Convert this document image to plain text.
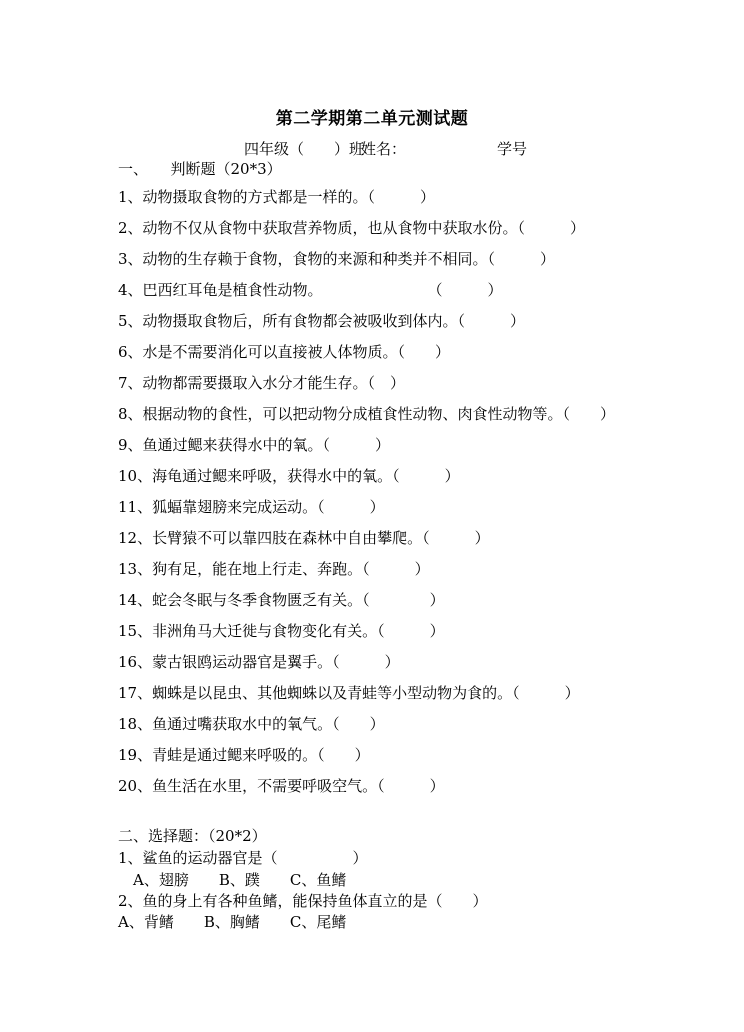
第二学期第二单元测试题
四年级（　　）班
姓名：	学号
一、　　判断题（20*3）
1、动物摄取食物的方式都是一样的。（　　　）
2、动物不仅从食物中获取营养物质，也从食物中获取水份。（　　　）
3、动物的生存赖于食物，食物的来源和种类并不相同。（　　　）
4、巴西红耳龟是植食性动物。　　　　　　　　（　　　）
5、动物摄取食物后，所有食物都会被吸收到体内。（　　　）
6、水是不需要消化可以直接被人体物质。（　　）
7、动物都需要摄取入水分才能生存。（　）
8、根据动物的食性，可以把动物分成植食性动物、肉食性动物等。（　　）
9、鱼通过鳃来获得水中的氧。（　　　）
10、海龟通过鳃来呼吸，获得水中的氧。（　　　）
11、狐蝠靠翅膀来完成运动。（　　　）
12、长臂猿不可以靠四肢在森林中自由攀爬。（　　　）
13、狗有足，能在地上行走、奔跑。（　　　）
14、蛇会冬眠与冬季食物匮乏有关。（　　　　）
15、非洲角马大迁徙与食物变化有关。（　　　）
16、蒙古银鸥运动器官是翼手。（　　　）
17、蜘蛛是以昆虫、其他蜘蛛以及青蛙等小型动物为食的。（　　　）
18、鱼通过嘴获取水中的氧气。（　　）
19、青蛙是通过鳃来呼吸的。（　　）
20、鱼生活在水里，不需要呼吸空气。（　　　）
二、选择题：（20*2）
1、鲨鱼的运动器官是（　　　　　）
　A、翅膀　　B、蹼　　C、鱼鳍
2、鱼的身上有各种鱼鳍，能保持鱼体直立的是（　　）
A、背鳍　　B、胸鳍　　C、尾鳍
